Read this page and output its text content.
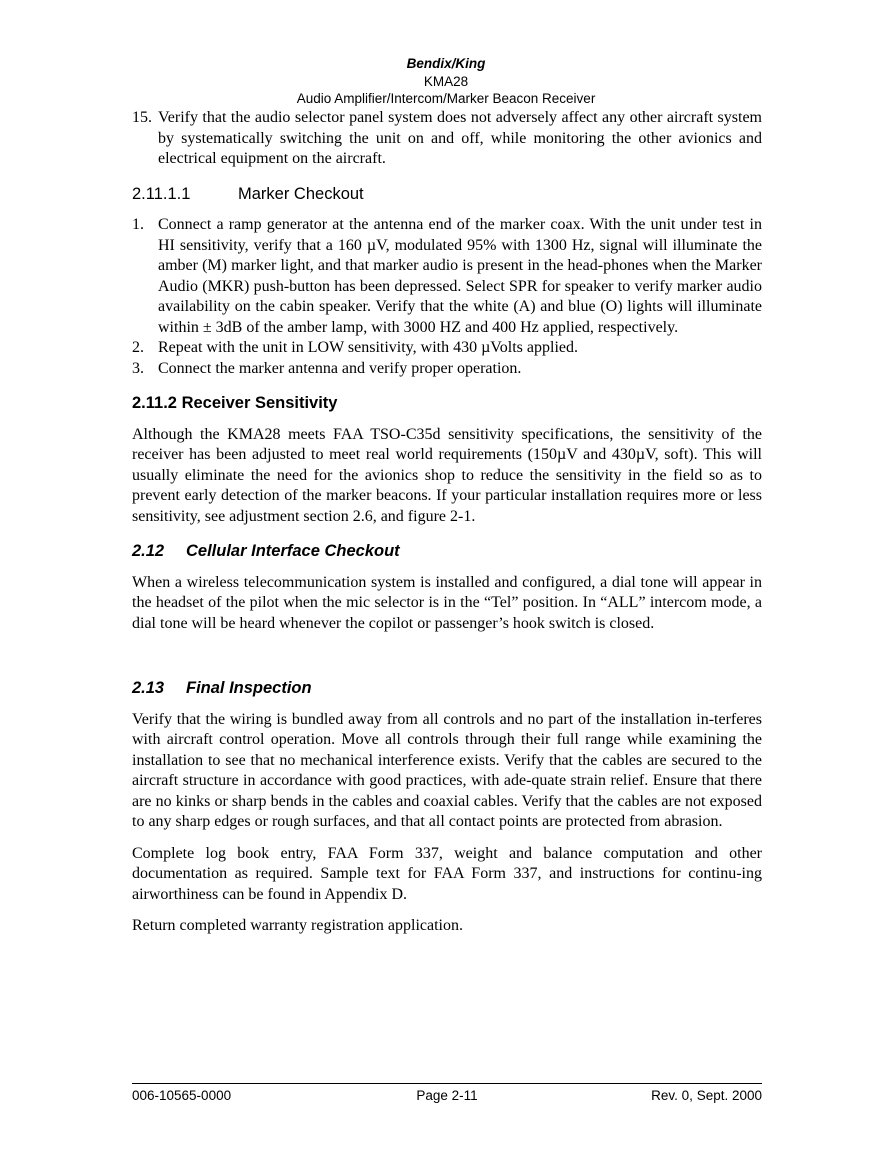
Bendix/King
KMA28
Audio Amplifier/Intercom/Marker Beacon Receiver
15. Verify that the audio selector panel system does not adversely affect any other aircraft system by systematically switching the unit on and off, while monitoring the other avionics and electrical equipment on the aircraft.
2.11.1.1	Marker Checkout
1. Connect a ramp generator at the antenna end of the marker coax. With the unit under test in HI sensitivity, verify that a 160 µV, modulated 95% with 1300 Hz, signal will illuminate the amber (M) marker light, and that marker audio is present in the head-phones when the Marker Audio (MKR) push-button has been depressed. Select SPR for speaker to verify marker audio availability on the cabin speaker. Verify that the white (A) and blue (O) lights will illuminate within ± 3dB of the amber lamp, with 3000 HZ and 400 Hz applied, respectively.
2. Repeat with the unit in LOW sensitivity, with 430 µVolts applied.
3. Connect the marker antenna and verify proper operation.
2.11.2 Receiver Sensitivity

Although the KMA28 meets FAA TSO-C35d sensitivity specifications, the sensitivity of the receiver has been adjusted to meet real world requirements (150µV and 430µV, soft). This will usually eliminate the need for the avionics shop to reduce the sensitivity in the field so as to prevent early detection of the marker beacons. If your particular installation requires more or less sensitivity, see adjustment section 2.6, and figure 2-1.

2.12 Cellular Interface Checkout

When a wireless telecommunication system is installed and configured, a dial tone will appear in the headset of the pilot when the mic selector is in the “Tel” position. In “ALL” intercom mode, a dial tone will be heard whenever the copilot or passenger’s hook switch is closed.

2.13 Final Inspection

Verify that the wiring is bundled away from all controls and no part of the installation in-terferes with aircraft control operation. Move all controls through their full range while examining the installation to see that no mechanical interference exists. Verify that the cables are secured to the aircraft structure in accordance with good practices, with ade-quate strain relief. Ensure that there are no kinks or sharp bends in the cables and coaxial cables. Verify that the cables are not exposed to any sharp edges or rough surfaces, and that all contact points are protected from abrasion.

Complete log book entry, FAA Form 337, weight and balance computation and other documentation as required. Sample text for FAA Form 337, and instructions for continu-ing airworthiness can be found in Appendix D.

Return completed warranty registration application.

006-10565-0000	Page 2-11	Rev. 0, Sept. 2000
